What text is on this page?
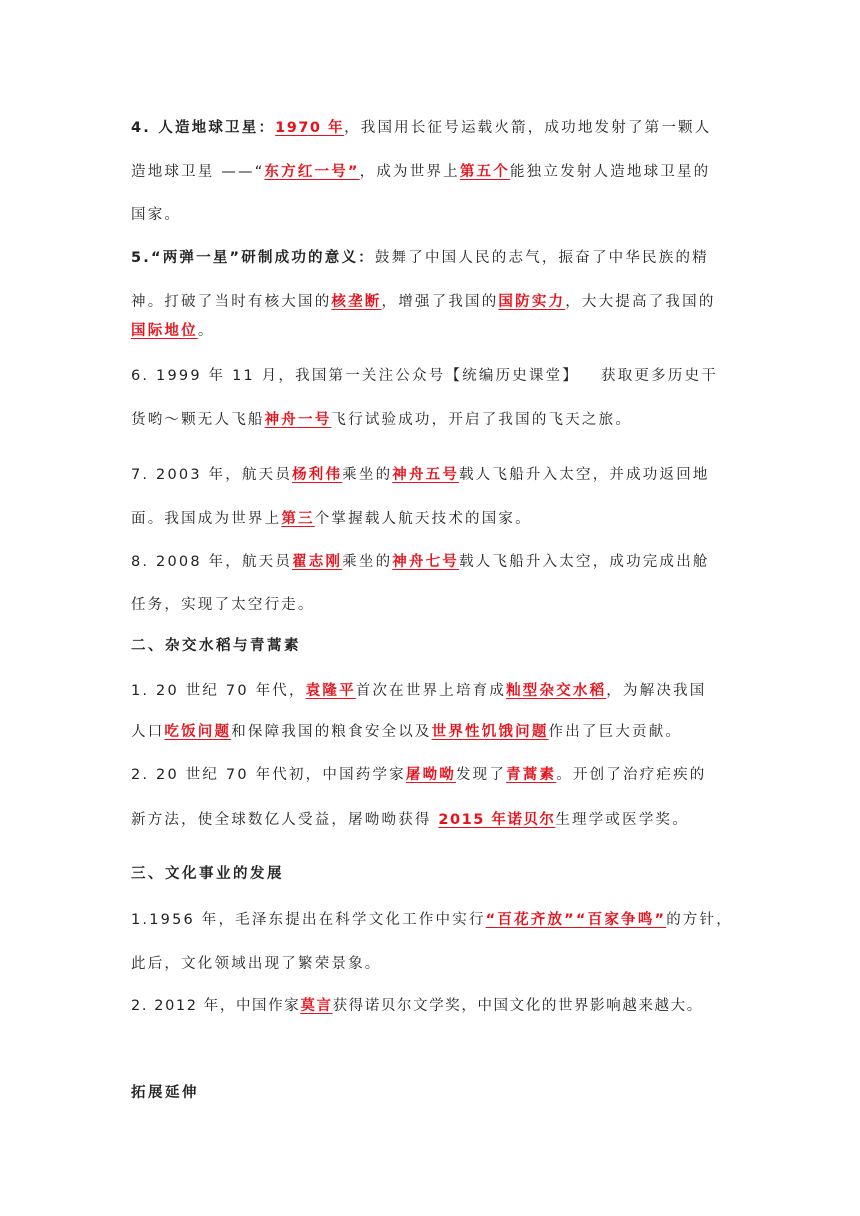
4. 人造地球卫星：1970 年，我国用长征号运载火箭，成功地发射了第一颗人
造地球卫星 ——“东方红一号”，成为世界上第五个能独立发射人造地球卫星的
国家。
5.“两弹一星”研制成功的意义：鼓舞了中国人民的志气，振奋了中华民族的精
神。打破了当时有核大国的核垄断，增强了我国的国防实力，大大提高了我国的
国际地位。
6. 1999 年 11 月，我国第一关注公众号【统编历史课堂】 获取更多历史干
货哟～颗无人飞船神舟一号飞行试验成功，开启了我国的飞天之旅。
7. 2003 年，航天员杨利伟乘坐的神舟五号载人飞船升入太空，并成功返回地
面。我国成为世界上第三个掌握载人航天技术的国家。
8. 2008 年，航天员翟志刚乘坐的神舟七号载人飞船升入太空，成功完成出舱
任务，实现了太空行走。
二、杂交水稻与青蒿素
1. 20 世纪 70 年代，袁隆平首次在世界上培育成籼型杂交水稻，为解决我国
人口吃饭问题和保障我国的粮食安全以及世界性饥饿问题作出了巨大贡献。
2. 20 世纪 70 年代初，中国药学家屠呦呦发现了青蒿素。开创了治疗疟疾的
新方法，使全球数亿人受益，屠呦呦获得 2015 年诺贝尔生理学或医学奖。
三、文化事业的发展
1.1956 年，毛泽东提出在科学文化工作中实行“百花齐放”“百家争鸣”的方针，
此后，文化领域出现了繁荣景象。
2. 2012 年，中国作家莫言获得诺贝尔文学奖，中国文化的世界影响越来越大。
拓展延伸
